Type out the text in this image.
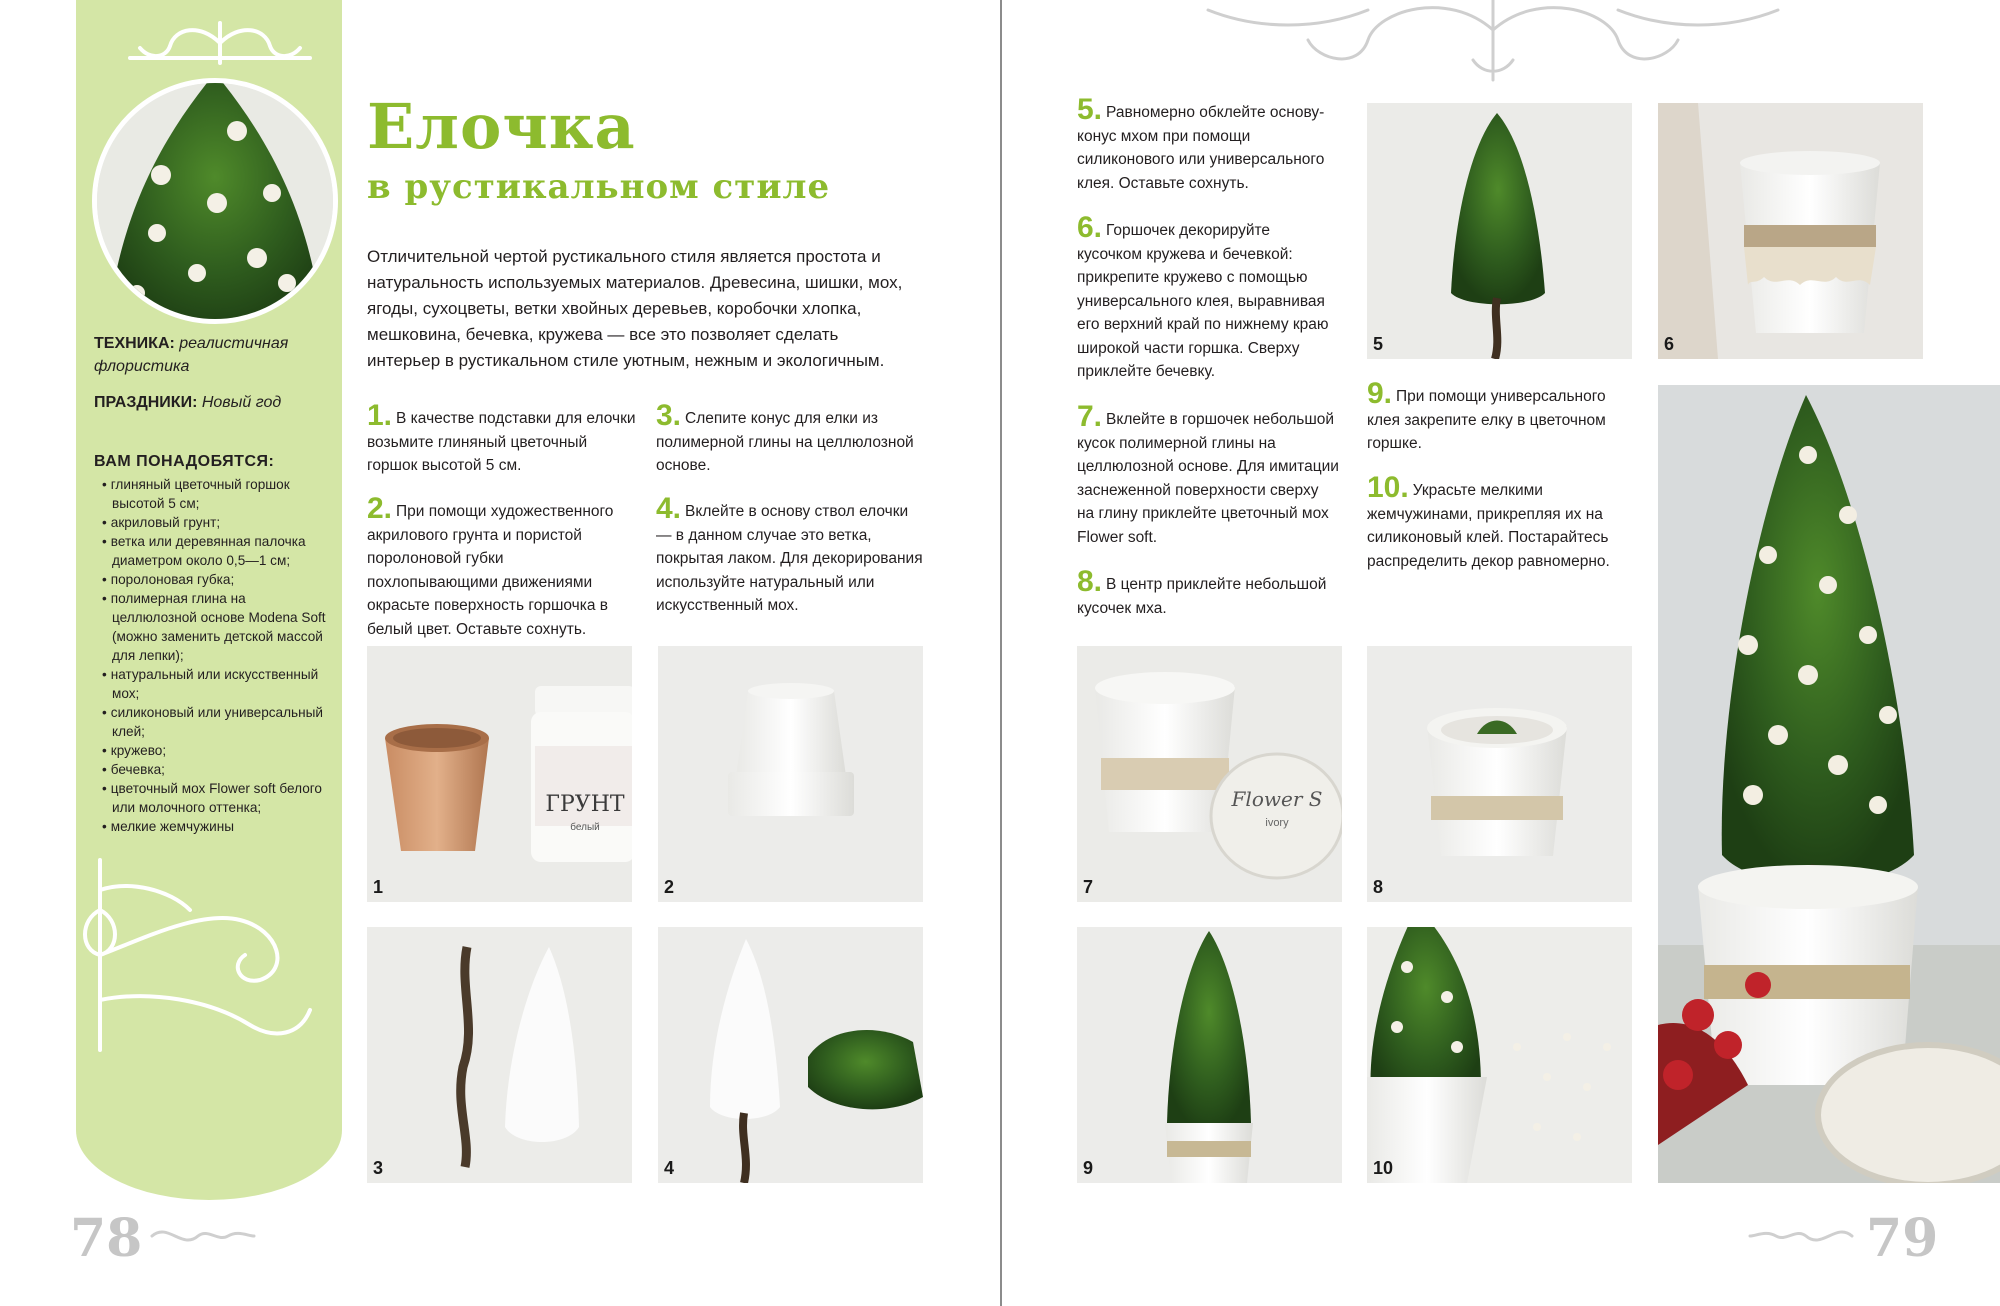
ТЕХНИКА: реалистичная флористика
ПРАЗДНИКИ: Новый год
ВАМ ПОНАДОБЯТСЯ:
• глиняный цветочный горшок высотой 5 см;
• акриловый грунт;
• ветка или деревянная палочка диаметром около 0,5—1 см;
• поролоновая губка;
• полимерная глина на целлюлозной основе Modena Soft (можно заменить детской массой для лепки);
• натуральный или искусственный мох;
• силиконовый или универсальный клей;
• кружево;
• бечевка;
• цветочный мох Flower soft белого или молочного оттенка;
• мелкие жемчужины
78
Елочка
в рустикальном стиле
Отличительной чертой рустикального стиля является простота и натуральность используемых материалов. Древесина, шишки, мох, ягоды, сухоцветы, ветки хвойных деревьев, коробочки хлопка, мешковина, бечевка, кружева — все это позволяет сделать интерьер в рустикальном стиле уютным, нежным и экологичным.
1. В качестве подставки для елочки возьмите глиняный цветочный горшок высотой 5 см.
2. При помощи художественного акрилового грунта и пористой поролоновой губки похлопывающими движениями окрасьте поверхность горшочка в белый цвет. Оставьте сохнуть.
3. Слепите конус для елки из полимерной глины на целлюлозной основе.
4. Вклейте в основу ствол елочки — в данном случае это ветка, покрытая лаком. Для декорирования используйте натуральный или искусственный мох.
ГРУНТ
белый
1	2
3	4
5. Равномерно обклейте основу-конус мхом при помощи силиконового или универсального клея. Оставьте сохнуть.
6. Горшочек декорируйте кусочком кружева и бечевкой: прикрепите кружево с помощью универсального клея, выравнивая его верхний край по нижнему краю широкой части горшка. Сверху приклейте бечевку.
7. Вклейте в горшочек небольшой кусок полимерной глины на целлюлозной основе. Для имитации заснеженной поверхности сверху на глину приклейте цветочный мох Flower soft.
8. В центр приклейте небольшой кусочек мха.
9. При помощи универсального клея закрепите елку в цветочном горшке.
10. Украсьте мелкими жемчужинами, прикрепляя их на силиконовый клей. Постарайтесь распределить декор равномерно.
5	6
Flower S
ivory
7	8
9	10
79
